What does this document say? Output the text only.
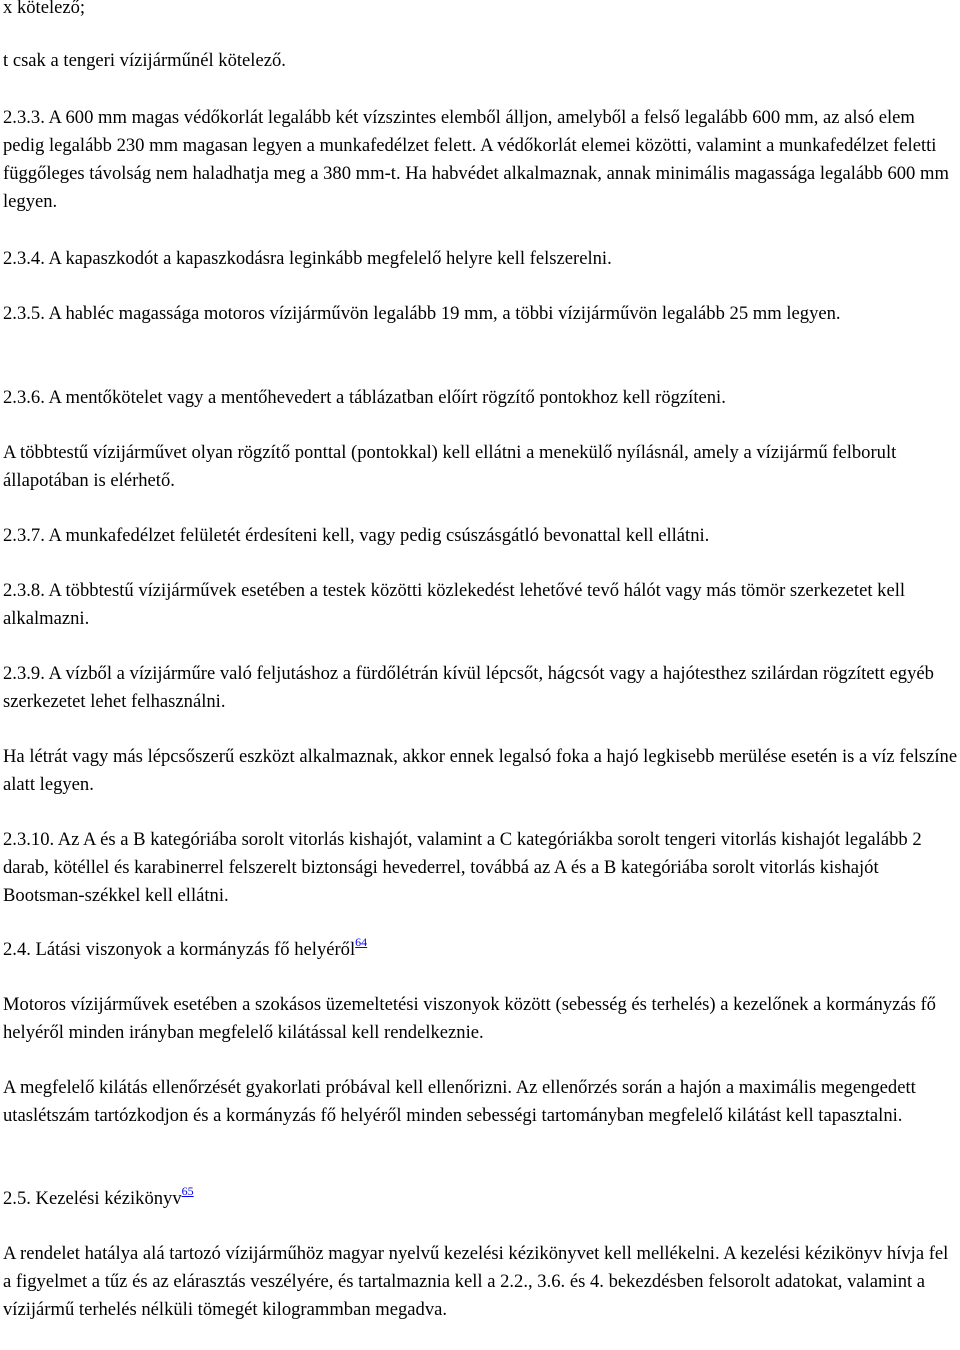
x kötelező;

t csak a tengeri vízijárműnél kötelező.

2.3.3. A 600 mm magas védőkorlát legalább két vízszintes elemből álljon, amelyből a felső legalább 600 mm, az alsó elem pedig legalább 230 mm magasan legyen a munkafedélzet felett. A védőkorlát elemei közötti, valamint a munkafedélzet feletti függőleges távolság nem haladhatja meg a 380 mm-t. Ha habvédet alkalmaznak, annak minimális magassága legalább 600 mm legyen.

2.3.4. A kapaszkodót a kapaszkodásra leginkább megfelelő helyre kell felszerelni.

2.3.5. A habléc magassága motoros vízijárművön legalább 19 mm, a többi vízijárművön legalább 25 mm legyen.

2.3.6. A mentőkötelet vagy a mentőhevedert a táblázatban előírt rögzítő pontokhoz kell rögzíteni.

A többtestű vízijárművet olyan rögzítő ponttal (pontokkal) kell ellátni a menekülő nyílásnál, amely a vízijármű felborult állapotában is elérhető.

2.3.7. A munkafedélzet felületét érdesíteni kell, vagy pedig csúszásgátló bevonattal kell ellátni.

2.3.8. A többtestű vízijárművek esetében a testek közötti közlekedést lehetővé tevő hálót vagy más tömör szerkezetet kell alkalmazni.

2.3.9. A vízből a vízijárműre való feljutáshoz a fürdőlétrán kívül lépcsőt, hágcsót vagy a hajótesthez szilárdan rögzített egyéb szerkezetet lehet felhasználni.

Ha létrát vagy más lépcsőszerű eszközt alkalmaznak, akkor ennek legalsó foka a hajó legkisebb merülése esetén is a víz felszíne alatt legyen.

2.3.10. Az A és a B kategóriába sorolt vitorlás kishajót, valamint a C kategóriákba sorolt tengeri vitorlás kishajót legalább 2 darab, kötéllel és karabinerrel felszerelt biztonsági hevederrel, továbbá az A és a B kategóriába sorolt vitorlás kishajót Bootsman-székkel kell ellátni.

2.4. Látási viszonyok a kormányzás fő helyéről$^{64}$

Motoros vízijárművek esetében a szokásos üzemeltetési viszonyok között (sebesség és terhelés) a kezelőnek a kormányzás fő helyéről minden irányban megfelelő kilátással kell rendelkeznie.

A megfelelő kilátás ellenőrzését gyakorlati próbával kell ellenőrizni. Az ellenőrzés során a hajón a maximális megengedett utaslétszám tartózkodjon és a kormányzás fő helyéről minden sebességi tartományban megfelelő kilátást kell tapasztalni.

2.5. Kezelési kézikönyv$^{65}$

A rendelet hatálya alá tartozó vízijárműhöz magyar nyelvű kezelési kézikönyvet kell mellékelni. A kezelési kézikönyv hívja fel a figyelmet a tűz és az elárasztás veszélyére, és tartalmaznia kell a 2.2., 3.6. és 4. bekezdésben felsorolt adatokat, valamint a vízijármű terhelés nélküli tömegét kilogrammban megadva.
